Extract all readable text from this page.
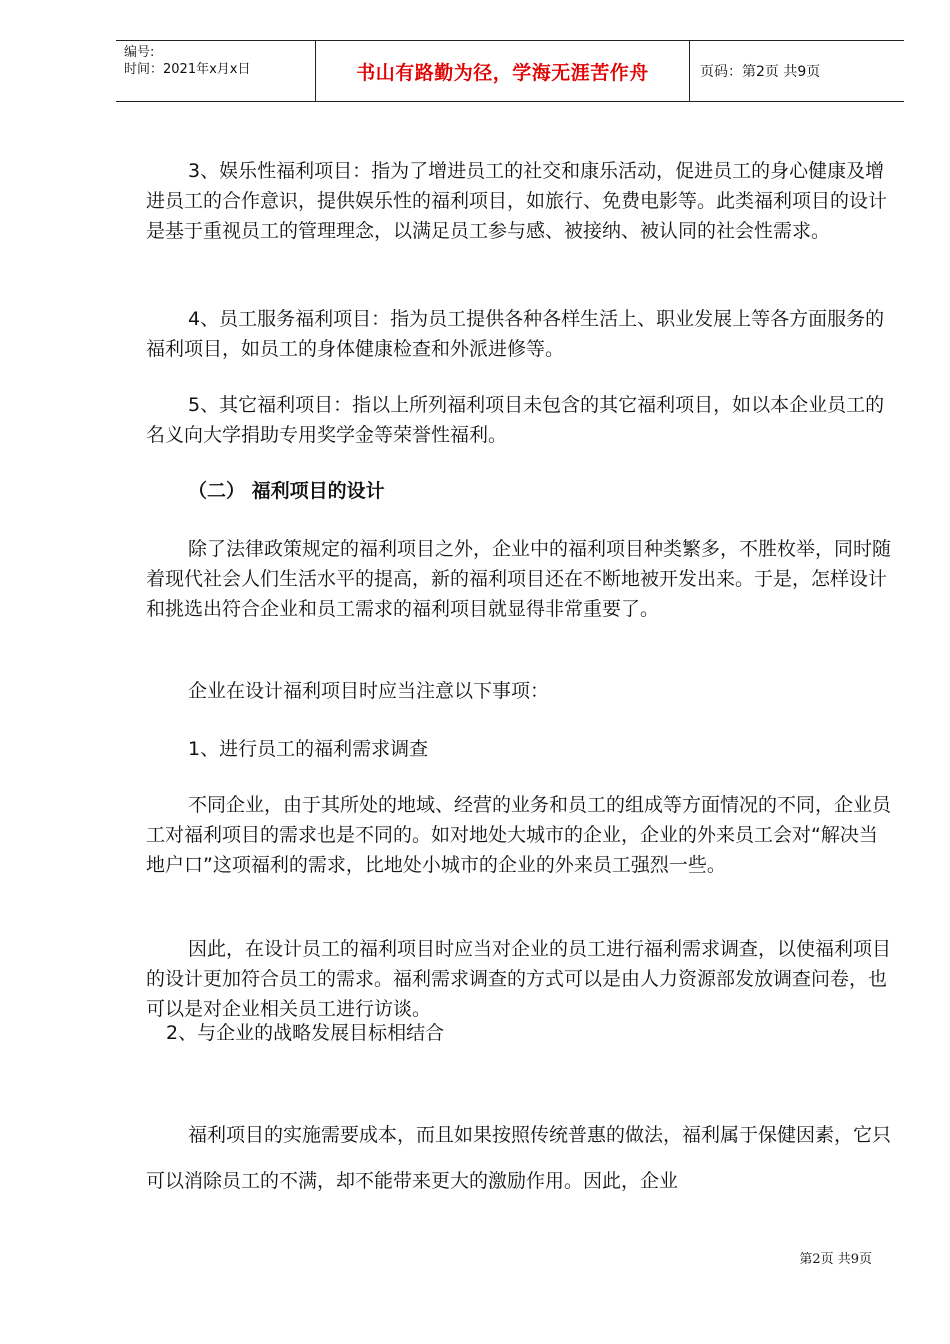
编号:
时间：2021年x月x日	书山有路勤为径，学海无涯苦作舟	页码：第2页 共9页
3、娱乐性福利项目：指为了增进员工的社交和康乐活动，促进员工的身心健康及增进员工的合作意识，提供娱乐性的福利项目，如旅行、免费电影等。此类福利项目的设计是基于重视员工的管理理念，以满足员工参与感、被接纳、被认同的社会性需求。
4、员工服务福利项目：指为员工提供各种各样生活上、职业发展上等各方面服务的福利项目，如员工的身体健康检查和外派进修等。
5、其它福利项目：指以上所列福利项目未包含的其它福利项目，如以本企业员工的名义向大学捐助专用奖学金等荣誉性福利。
（二） 福利项目的设计
除了法律政策规定的福利项目之外，企业中的福利项目种类繁多，不胜枚举，同时随着现代社会人们生活水平的提高，新的福利项目还在不断地被开发出来。于是，怎样设计和挑选出符合企业和员工需求的福利项目就显得非常重要了。
企业在设计福利项目时应当注意以下事项：
1、进行员工的福利需求调查
不同企业，由于其所处的地域、经营的业务和员工的组成等方面情况的不同，企业员工对福利项目的需求也是不同的。如对地处大城市的企业，企业的外来员工会对“解决当地户口”这项福利的需求，比地处小城市的企业的外来员工强烈一些。
因此，在设计员工的福利项目时应当对企业的员工进行福利需求调查，以使福利项目的设计更加符合员工的需求。福利需求调查的方式可以是由人力资源部发放调查问卷，也可以是对企业相关员工进行访谈。
2、与企业的战略发展目标相结合
福利项目的实施需要成本，而且如果按照传统普惠的做法，福利属于保健因素，它只可以消除员工的不满，却不能带来更大的激励作用。因此，企业
第2页 共9页
